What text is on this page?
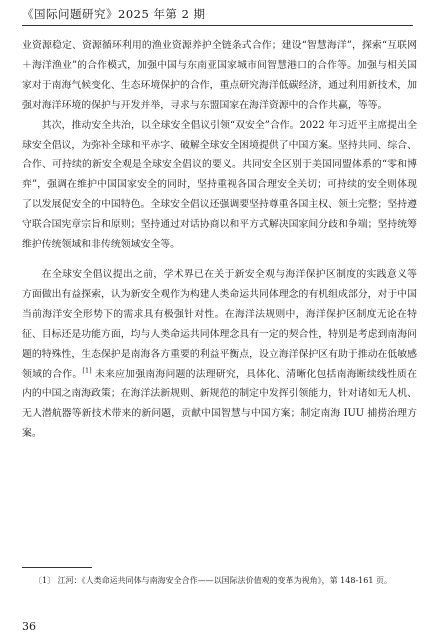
《国际问题研究》2025 年第 2 期

业资源稳定、资源循环利用的渔业资源养护全链条式合作；建设“智慧海洋”，探索“互联网＋海洋渔业”的合作模式，加强中国与东南亚国家城市间智慧港口的合作等。加强与相关国家对于南海气候变化、生态环境保护的合作，重点研究海洋低碳经济，通过利用新技术，加强对海洋环境的保护与开发并举，寻求与东盟国家在海洋资源中的合作共赢，等等。

其次，推动安全共治，以全球安全倡议引领“双安全”合作。2022 年习近平主席提出全球安全倡议，为弥补全球和平赤字、破解全球安全困境提供了中国方案。坚持共同、综合、合作、可持续的新安全观是全球安全倡议的要义。共同安全区别于美国同盟体系的“零和博弈”，强调在维护中国国家安全的同时，坚持重视各国合理安全关切；可持续的安全则体现了以发展促安全的中国特色。全球安全倡议还强调要坚持尊重各国主权、领土完整；坚持遵守联合国宪章宗旨和原则；坚持通过对话协商以和平方式解决国家间分歧和争端；坚持统筹维护传统领域和非传统领域安全等。

在全球安全倡议提出之前，学术界已在关于新安全观与海洋保护区制度的实践意义等方面做出有益探索，认为新安全观作为构建人类命运共同体理念的有机组成部分，对于中国当前海洋安全形势下的需求具有极强针对性。在海洋法规则中，海洋保护区制度无论在特征、目标还是功能方面，均与人类命运共同体理念具有一定的契合性，特别是考虑到南海问题的特殊性，生态保护是南海各方重要的利益平衡点，设立海洋保护区有助于推动在低敏感领域的合作。[1] 未来应加强南海问题的法理研究，具体化、清晰化包括南海断续线性质在内的中国之南海政策；在海洋法新规则、新规范的制定中发挥引领能力，针对诸如无人机、无人潜航器等新技术带来的新问题，贡献中国智慧与中国方案；制定南海 IUU 捕捞治理方案。

〔1〕 江河：《人类命运共同体与南海安全合作——以国际法价值观的变革为视角》，第 148-161 页。
36
